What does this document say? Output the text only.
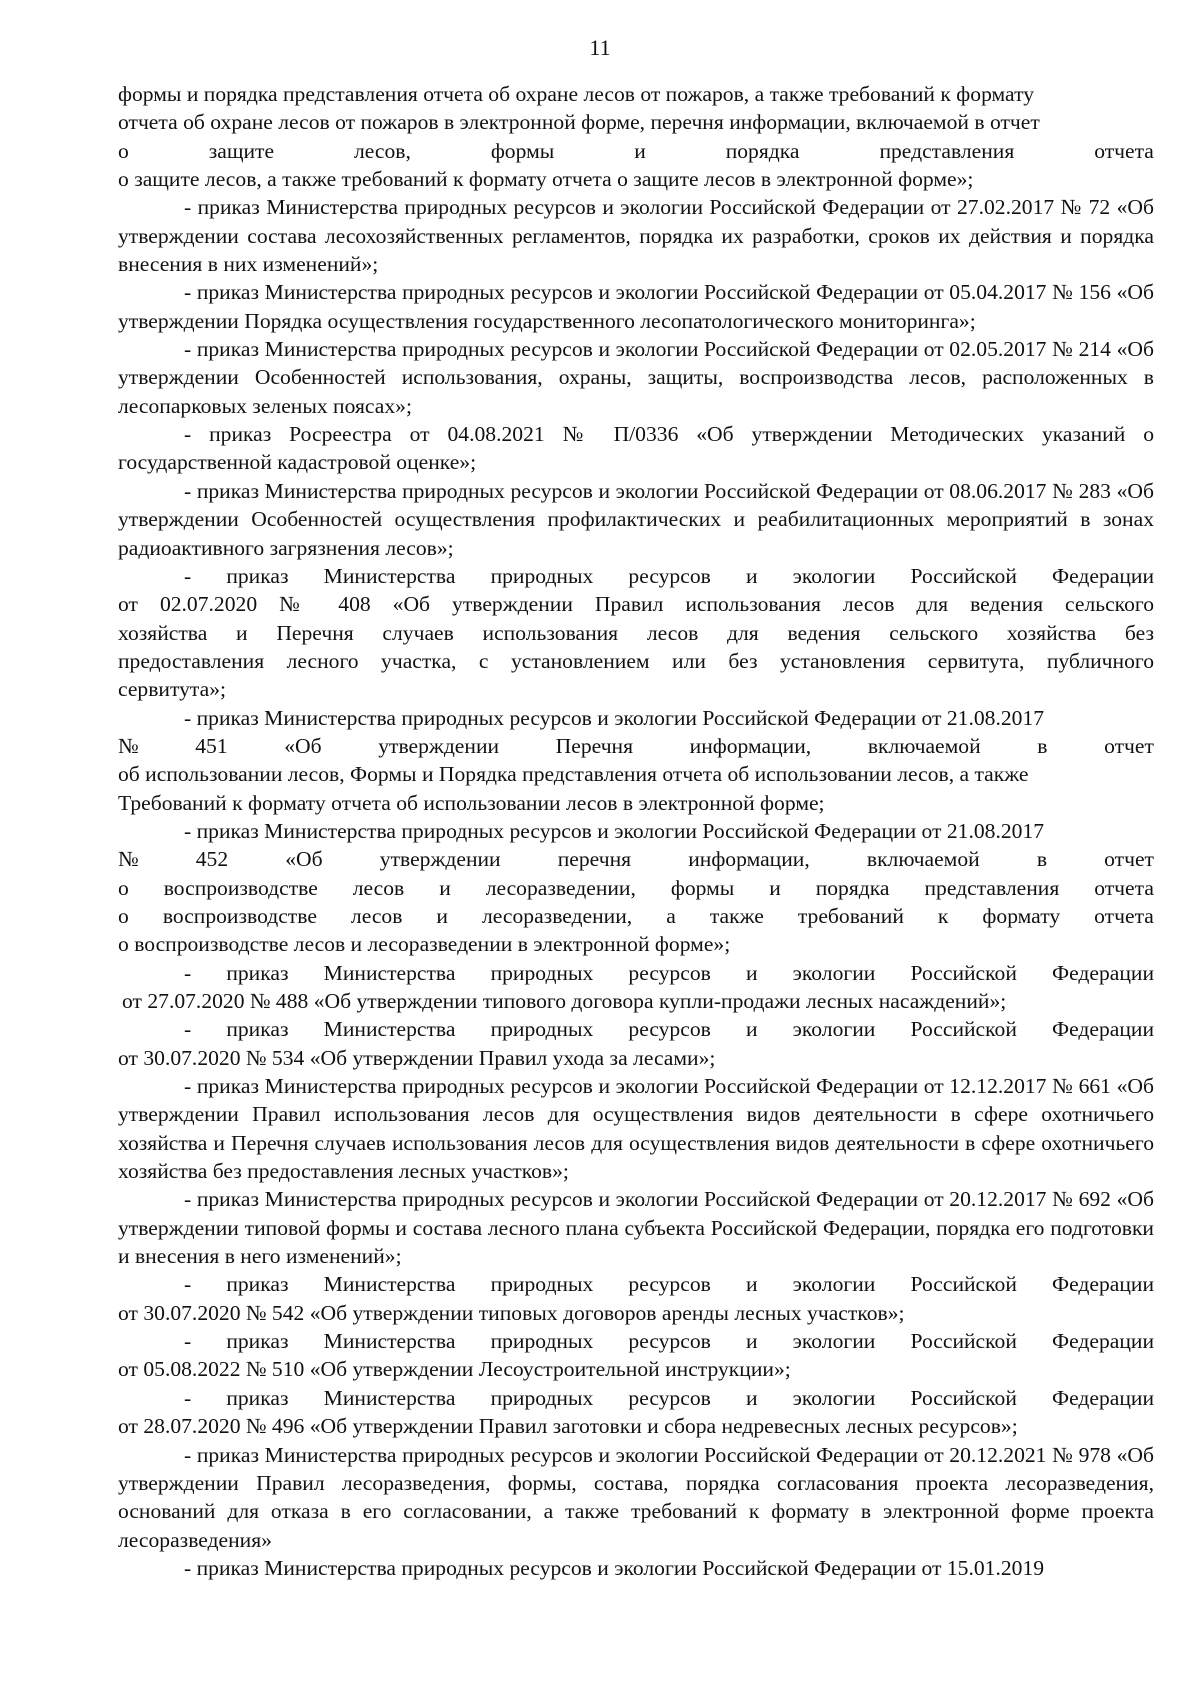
11
формы и порядка представления отчета об охране лесов от пожаров, а также требований к формату
отчета об охране лесов от пожаров в электронной форме, перечня информации, включаемой в отчет
о	защите	лесов,	формы	и	порядка	представления	отчета
о защите лесов, а также требований к формату отчета о защите лесов в электронной форме»;
- приказ Министерства природных ресурсов и экологии Российской Федерации от 27.02.2017 № 72 «Об утверждении состава лесохозяйственных регламентов, порядка их разработки, сроков их действия и порядка внесения в них изменений»;
- приказ Министерства природных ресурсов и экологии Российской Федерации от 05.04.2017 № 156 «Об утверждении Порядка осуществления государственного лесопатологического мониторинга»;
- приказ Министерства природных ресурсов и экологии Российской Федерации от 02.05.2017 № 214 «Об утверждении Особенностей использования, охраны, защиты, воспроизводства лесов, расположенных в лесопарковых зеленых поясах»;
- приказ Росреестра от 04.08.2021 № П/0336 «Об утверждении Методических указаний о государственной кадастровой оценке»;
- приказ Министерства природных ресурсов и экологии Российской Федерации от 08.06.2017 № 283 «Об утверждении Особенностей осуществления профилактических и реабилитационных мероприятий в зонах радиоактивного загрязнения лесов»;
- приказ Министерства природных ресурсов и экологии Российской Федерации
от 02.07.2020 № 408 «Об утверждении Правил использования лесов для ведения сельского
хозяйства и Перечня случаев использования лесов для ведения сельского хозяйства без
предоставления лесного участка, с установлением или без установления сервитута, публичного
сервитута»;
- приказ Министерства природных ресурсов и экологии Российской Федерации от 21.08.2017
№	451	«Об	утверждении	Перечня	информации,	включаемой	в	отчет
об использовании лесов, Формы и Порядка представления отчета об использовании лесов, а также
Требований к формату отчета об использовании лесов в электронной форме;
- приказ Министерства природных ресурсов и экологии Российской Федерации от 21.08.2017
№	452	«Об	утверждении	перечня	информации,	включаемой	в	отчет
о воспроизводстве лесов и лесоразведении, формы и порядка представления отчета
о воспроизводстве лесов и лесоразведении, а также требований к формату отчета
о воспроизводстве лесов и лесоразведении в электронной форме»;
- приказ Министерства природных ресурсов и экологии Российской Федерации
от 27.07.2020 № 488 «Об утверждении типового договора купли-продажи лесных насаждений»;
- приказ Министерства природных ресурсов и экологии Российской Федерации
от 30.07.2020 № 534 «Об утверждении Правил ухода за лесами»;
- приказ Министерства природных ресурсов и экологии Российской Федерации от 12.12.2017 № 661 «Об утверждении Правил использования лесов для осуществления видов деятельности в сфере охотничьего хозяйства и Перечня случаев использования лесов для осуществления видов деятельности в сфере охотничьего хозяйства без предоставления лесных участков»;
- приказ Министерства природных ресурсов и экологии Российской Федерации от 20.12.2017 № 692 «Об утверждении типовой формы и состава лесного плана субъекта Российской Федерации, порядка его подготовки и внесения в него изменений»;
- приказ Министерства природных ресурсов и экологии Российской Федерации
от 30.07.2020 № 542 «Об утверждении типовых договоров аренды лесных участков»;
- приказ Министерства природных ресурсов и экологии Российской Федерации
от 05.08.2022 № 510 «Об утверждении Лесоустроительной инструкции»;
- приказ Министерства природных ресурсов и экологии Российской Федерации
от 28.07.2020 № 496 «Об утверждении Правил заготовки и сбора недревесных лесных ресурсов»;
- приказ Министерства природных ресурсов и экологии Российской Федерации от 20.12.2021 № 978 «Об утверждении Правил лесоразведения, формы, состава, порядка согласования проекта лесоразведения, оснований для отказа в его согласовании, а также требований к формату в электронной форме проекта лесоразведения»
- приказ Министерства природных ресурсов и экологии Российской Федерации от 15.01.2019
